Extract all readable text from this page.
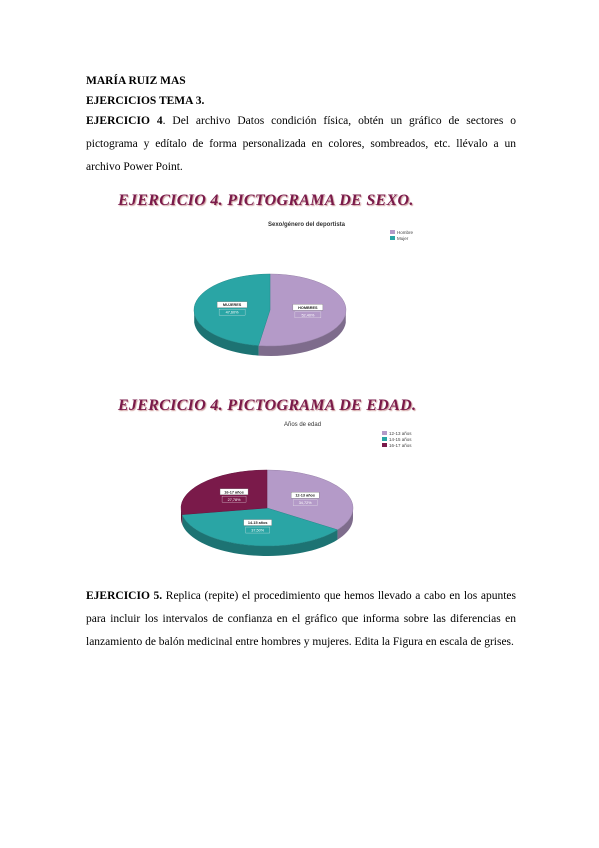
MARÍA RUIZ MAS
EJERCICIOS TEMA 3.
EJERCICIO 4. Del archivo Datos condición física, obtén un gráfico de sectores o pictograma y edítalo de forma personalizada en colores, sombreados, etc. llévalo a un archivo Power Point.
EJERCICIO 4. PICTOGRAMA DE SEXO.
Sexo/género del deportista
Hombre
Mujer
HOMBRES
52,40%
MUJERES
47,60%
EJERCICIO 4. PICTOGRAMA DE EDAD.
Años de edad
12-13 años
14-15 años
16-17 años
12-13 años
34,72%
14-15 años
37,50%
16-17 años
27,78%
EJERCICIO 5. Replica (repite) el procedimiento que hemos llevado a cabo en los apuntes para incluir los intervalos de confianza en el gráfico que informa sobre las diferencias en lanzamiento de balón medicinal entre hombres y mujeres. Edita la Figura en escala de grises.
